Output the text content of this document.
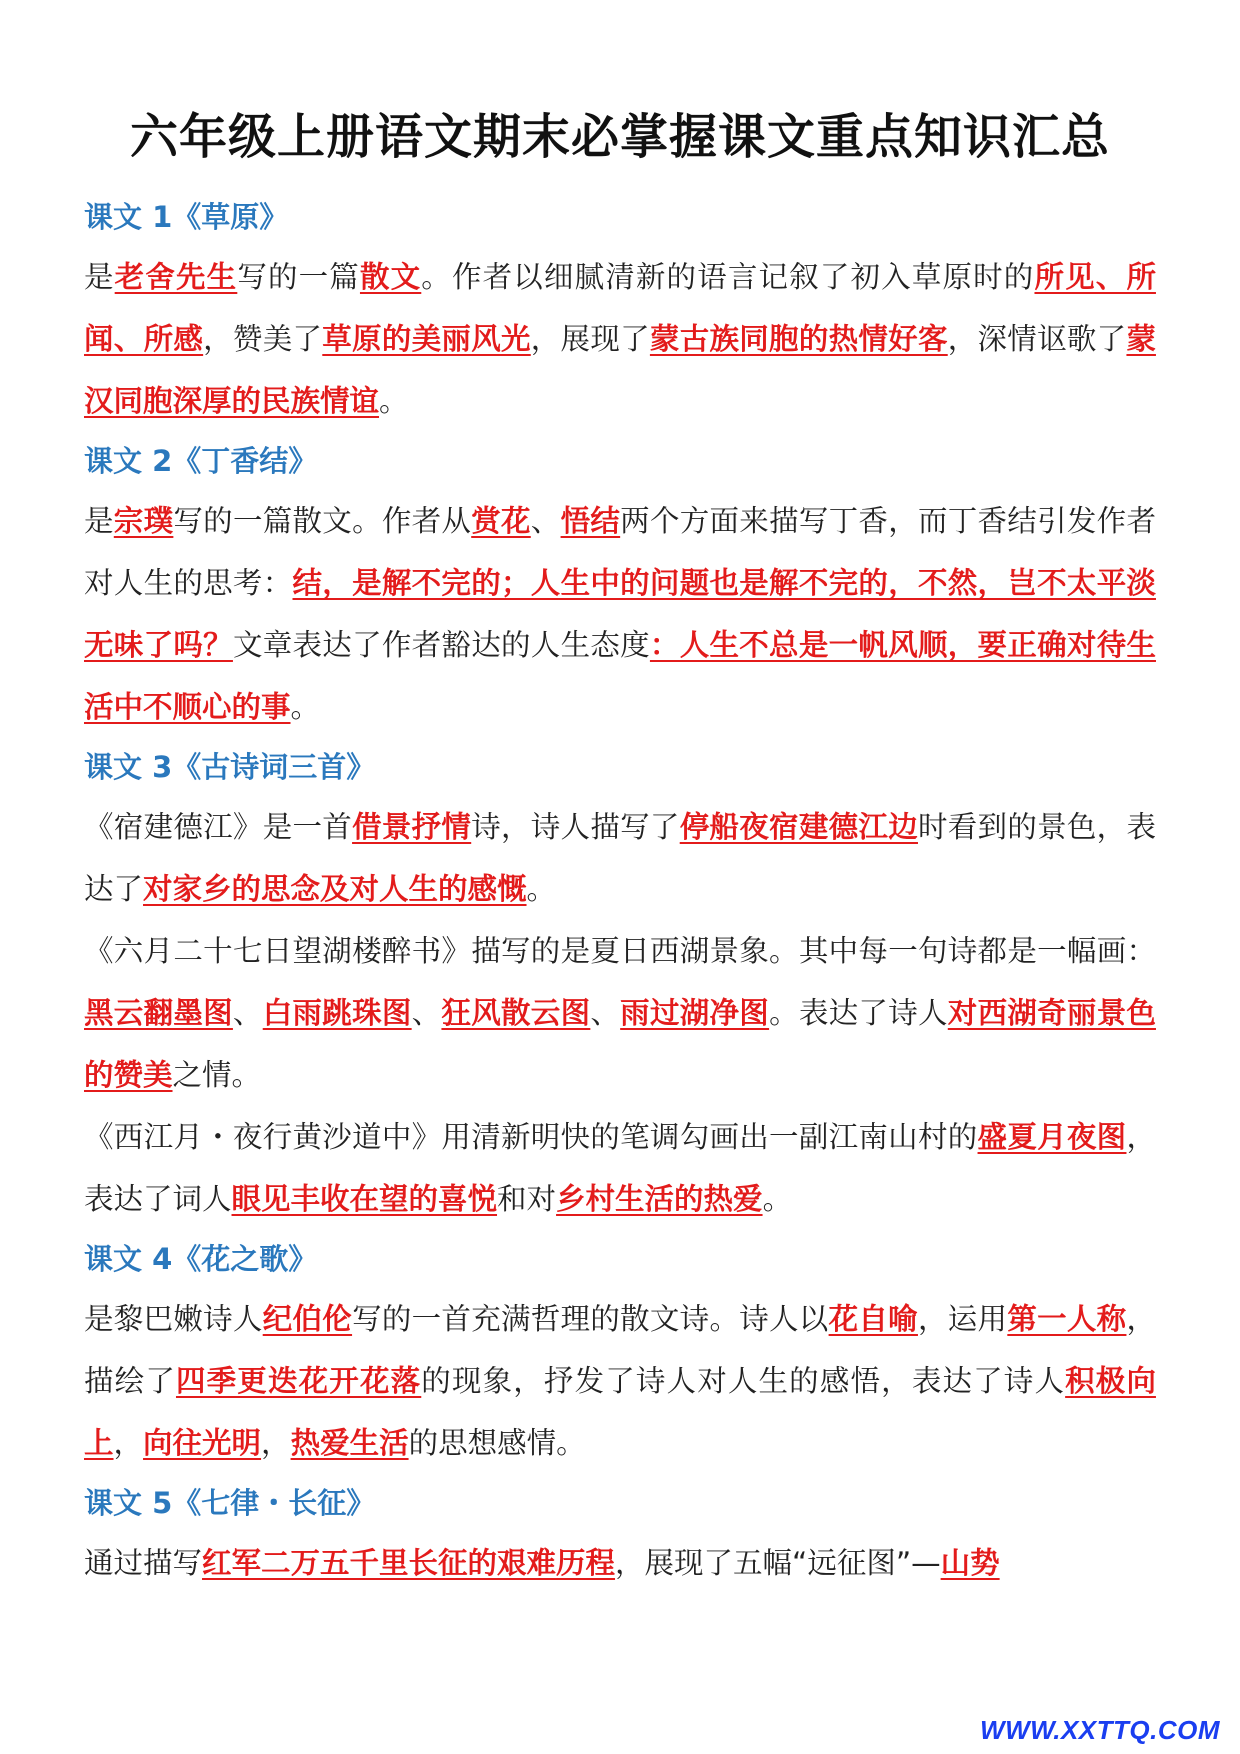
六年级上册语文期末必掌握课文重点知识汇总
课文 1《草原》

是老舍先生写的一篇散文。作者以细腻清新的语言记叙了初入草原时的所见、所闻、所感，赞美了草原的美丽风光，展现了蒙古族同胞的热情好客，深情讴歌了蒙汉同胞深厚的民族情谊。

课文 2《丁香结》

是宗璞写的一篇散文。作者从赏花、悟结两个方面来描写丁香，而丁香结引发作者对人生的思考：结，是解不完的；人生中的问题也是解不完的，不然，岂不太平淡无味了吗？文章表达了作者豁达的人生态度：人生不总是一帆风顺，要正确对待生活中不顺心的事。

课文 3《古诗词三首》

《宿建德江》是一首借景抒情诗，诗人描写了停船夜宿建德江边时看到的景色，表达了对家乡的思念及对人生的感慨。

《六月二十七日望湖楼醉书》描写的是夏日西湖景象。其中每一句诗都是一幅画：黑云翻墨图、白雨跳珠图、狂风散云图、雨过湖净图。表达了诗人对西湖奇丽景色的赞美之情。

《西江月・夜行黄沙道中》用清新明快的笔调勾画出一副江南山村的盛夏月夜图，表达了词人眼见丰收在望的喜悦和对乡村生活的热爱。

课文 4《花之歌》

是黎巴嫩诗人纪伯伦写的一首充满哲理的散文诗。诗人以花自喻，运用第一人称，描绘了四季更迭花开花落的现象，抒发了诗人对人生的感悟，表达了诗人积极向上，向往光明，热爱生活的思想感情。

课文 5《七律・长征》

通过描写红军二万五千里长征的艰难历程，展现了五幅“远征图”—山势

WWW.XXTTQ.COM
